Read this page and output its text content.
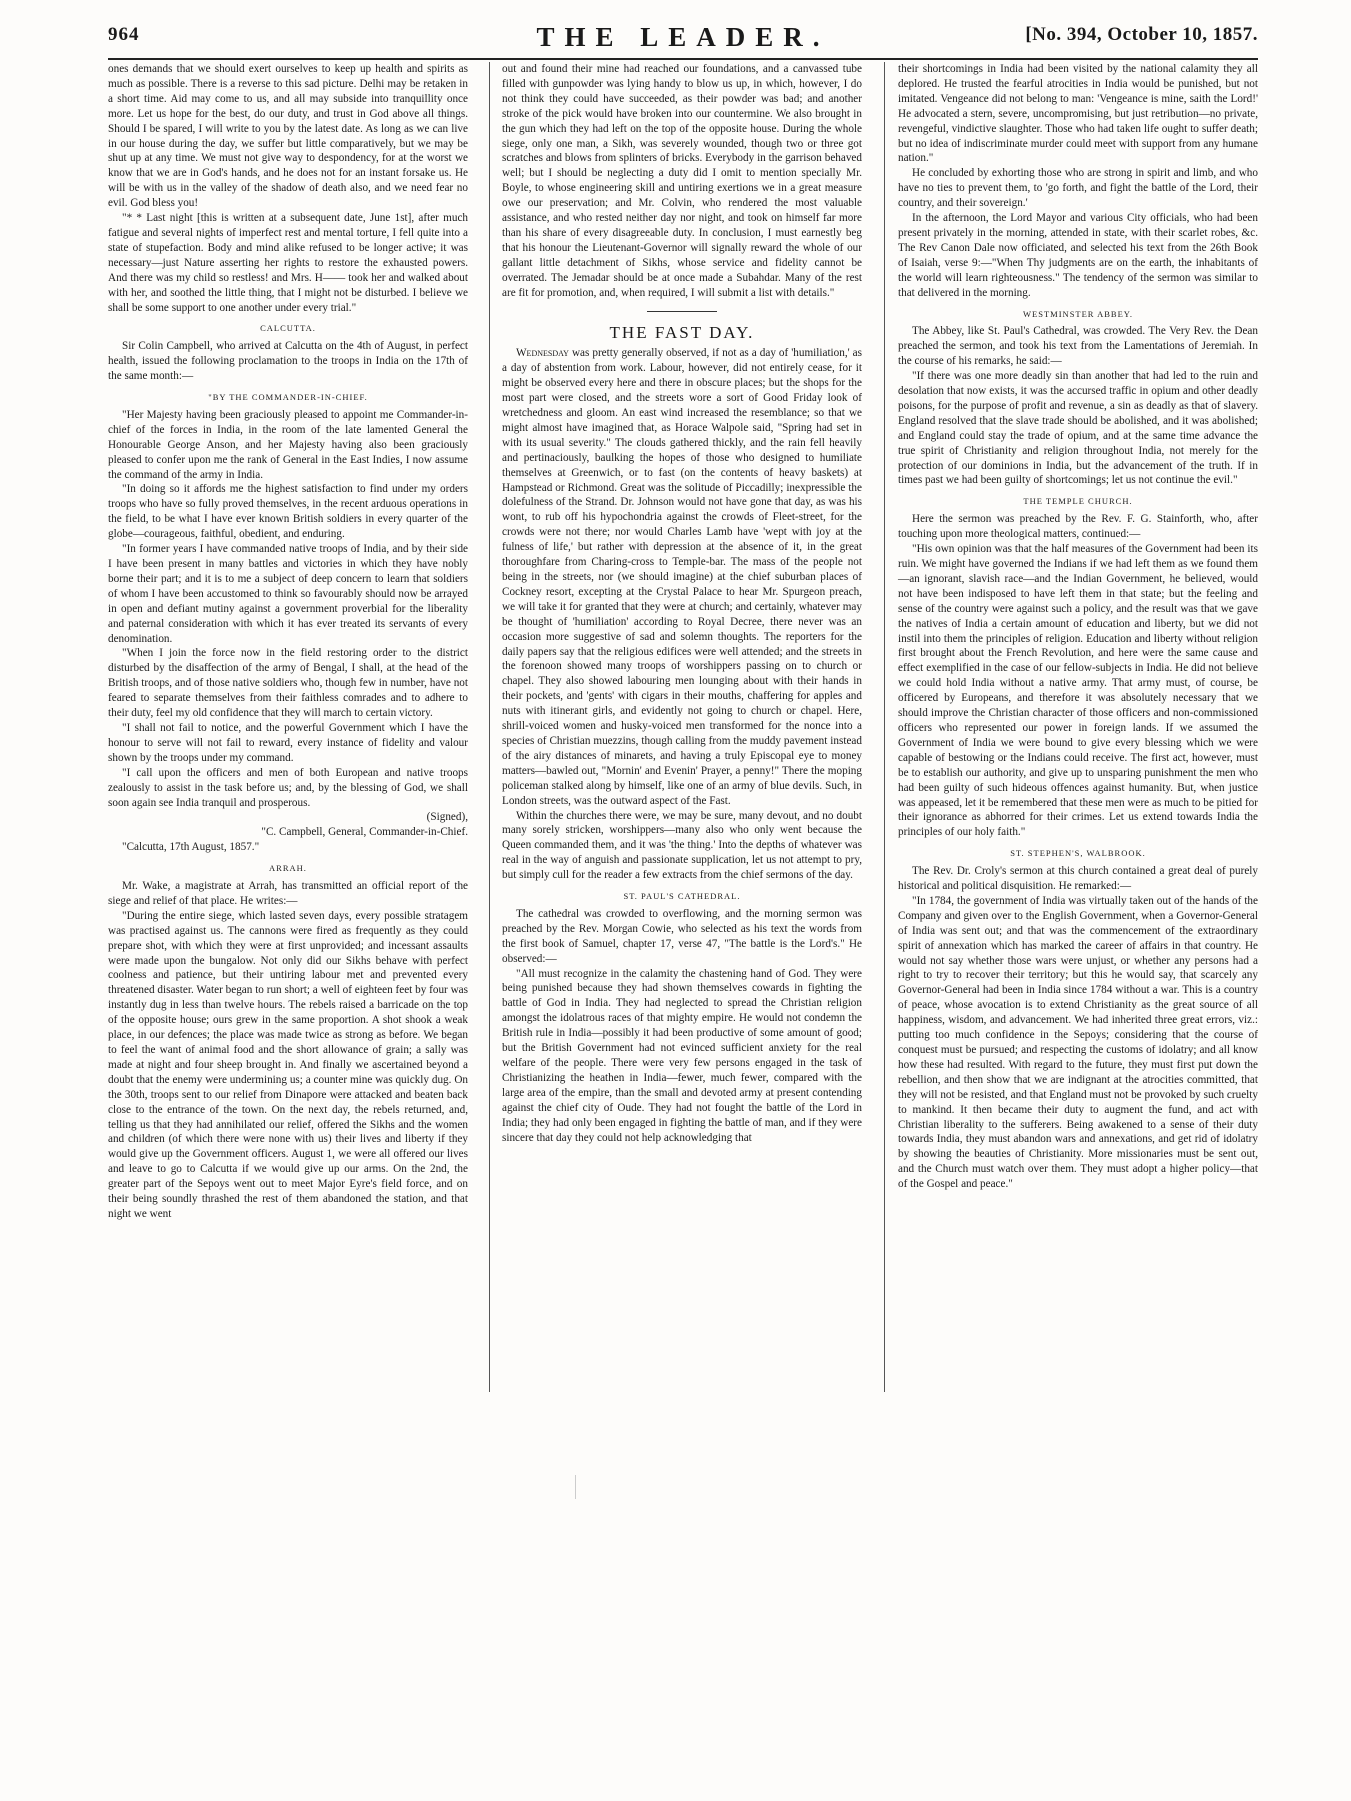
964	THE LEADER.	[No. 394, October 10, 1857.

ones demands that we should exert ourselves to keep up health and spirits as much as possible. There is a reverse to this sad picture. Delhi may be retaken in a short time. Aid may come to us, and all may subside into tranquillity once more. Let us hope for the best, do our duty, and trust in God above all things. Should I be spared, I will write to you by the latest date. As long as we can live in our house during the day, we suffer but little comparatively, but we may be shut up at any time. We must not give way to despondency, for at the worst we know that we are in God's hands, and he does not for an instant forsake us. He will be with us in the valley of the shadow of death also, and we need fear no evil. God bless you!

"* * Last night [this is written at a subsequent date, June 1st], after much fatigue and several nights of imperfect rest and mental torture, I fell quite into a state of stupefaction. Body and mind alike refused to be longer active; it was necessary—just Nature asserting her rights to restore the exhausted powers. And there was my child so restless! and Mrs. H—— took her and walked about with her, and soothed the little thing, that I might not be disturbed. I believe we shall be some support to one another under every trial."

CALCUTTA.

Sir Colin Campbell, who arrived at Calcutta on the 4th of August, in perfect health, issued the following proclamation to the troops in India on the 17th of the same month:—

"BY THE COMMANDER-IN-CHIEF.

"Her Majesty having been graciously pleased to appoint me Commander-in-chief of the forces in India, in the room of the late lamented General the Honourable George Anson, and her Majesty having also been graciously pleased to confer upon me the rank of General in the East Indies, I now assume the command of the army in India.

"In doing so it affords me the highest satisfaction to find under my orders troops who have so fully proved themselves, in the recent arduous operations in the field, to be what I have ever known British soldiers in every quarter of the globe—courageous, faithful, obedient, and enduring.

"In former years I have commanded native troops of India, and by their side I have been present in many battles and victories in which they have nobly borne their part; and it is to me a subject of deep concern to learn that soldiers of whom I have been accustomed to think so favourably should now be arrayed in open and defiant mutiny against a government proverbial for the liberality and paternal consideration with which it has ever treated its servants of every denomination.

"When I join the force now in the field restoring order to the district disturbed by the disaffection of the army of Bengal, I shall, at the head of the British troops, and of those native soldiers who, though few in number, have not feared to separate themselves from their faithless comrades and to adhere to their duty, feel my old confidence that they will march to certain victory.

"I shall not fail to notice, and the powerful Government which I have the honour to serve will not fail to reward, every instance of fidelity and valour shown by the troops under my command.

"I call upon the officers and men of both European and native troops zealously to assist in the task before us; and, by the blessing of God, we shall soon again see India tranquil and prosperous.

(Signed),

"C. Campbell, General, Commander-in-Chief.

"Calcutta, 17th August, 1857."

ARRAH.

Mr. Wake, a magistrate at Arrah, has transmitted an official report of the siege and relief of that place. He writes:—

"During the entire siege, which lasted seven days, every possible stratagem was practised against us. The cannons were fired as frequently as they could prepare shot, with which they were at first unprovided; and incessant assaults were made upon the bungalow. Not only did our Sikhs behave with perfect coolness and patience, but their untiring labour met and prevented every threatened disaster. Water began to run short; a well of eighteen feet by four was instantly dug in less than twelve hours. The rebels raised a barricade on the top of the opposite house; ours grew in the same proportion. A shot shook a weak place, in our defences; the place was made twice as strong as before. We began to feel the want of animal food and the short allowance of grain; a sally was made at night and four sheep brought in. And finally we ascertained beyond a doubt that the enemy were undermining us; a counter mine was quickly dug. On the 30th, troops sent to our relief from Dinapore were attacked and beaten back close to the entrance of the town. On the next day, the rebels returned, and, telling us that they had annihilated our relief, offered the Sikhs and the women and children (of which there were none with us) their lives and liberty if they would give up the Government officers. August 1, we were all offered our lives and leave to go to Calcutta if we would give up our arms. On the 2nd, the greater part of the Sepoys went out to meet Major Eyre's field force, and on their being soundly thrashed the rest of them abandoned the station, and that night we went

out and found their mine had reached our foundations, and a canvassed tube filled with gunpowder was lying handy to blow us up, in which, however, I do not think they could have succeeded, as their powder was bad; and another stroke of the pick would have broken into our countermine. We also brought in the gun which they had left on the top of the opposite house. During the whole siege, only one man, a Sikh, was severely wounded, though two or three got scratches and blows from splinters of bricks. Everybody in the garrison behaved well; but I should be neglecting a duty did I omit to mention specially Mr. Boyle, to whose engineering skill and untiring exertions we in a great measure owe our preservation; and Mr. Colvin, who rendered the most valuable assistance, and who rested neither day nor night, and took on himself far more than his share of every disagreeable duty. In conclusion, I must earnestly beg that his honour the Lieutenant-Governor will signally reward the whole of our gallant little detachment of Sikhs, whose service and fidelity cannot be overrated. The Jemadar should be at once made a Subahdar. Many of the rest are fit for promotion, and, when required, I will submit a list with details."

THE FAST DAY.

Wednesday was pretty generally observed, if not as a day of 'humiliation,' as a day of abstention from work. Labour, however, did not entirely cease, for it might be observed every here and there in obscure places; but the shops for the most part were closed, and the streets wore a sort of Good Friday look of wretchedness and gloom. An east wind increased the resemblance; so that we might almost have imagined that, as Horace Walpole said, "Spring had set in with its usual severity." The clouds gathered thickly, and the rain fell heavily and pertinaciously, baulking the hopes of those who designed to humiliate themselves at Greenwich, or to fast (on the contents of heavy baskets) at Hampstead or Richmond. Great was the solitude of Piccadilly; inexpressible the dolefulness of the Strand. Dr. Johnson would not have gone that day, as was his wont, to rub off his hypochondria against the crowds of Fleet-street, for the crowds were not there; nor would Charles Lamb have 'wept with joy at the fulness of life,' but rather with depression at the absence of it, in the great thoroughfare from Charing-cross to Temple-bar. The mass of the people not being in the streets, nor (we should imagine) at the chief suburban places of Cockney resort, excepting at the Crystal Palace to hear Mr. Spurgeon preach, we will take it for granted that they were at church; and certainly, whatever may be thought of 'humiliation' according to Royal Decree, there never was an occasion more suggestive of sad and solemn thoughts. The reporters for the daily papers say that the religious edifices were well attended; and the streets in the forenoon showed many troops of worshippers passing on to church or chapel. They also showed labouring men lounging about with their hands in their pockets, and 'gents' with cigars in their mouths, chaffering for apples and nuts with itinerant girls, and evidently not going to church or chapel. Here, shrill-voiced women and husky-voiced men transformed for the nonce into a species of Christian muezzins, though calling from the muddy pavement instead of the airy distances of minarets, and having a truly Episcopal eye to money matters—bawled out, "Mornin' and Evenin' Prayer, a penny!" There the moping policeman stalked along by himself, like one of an army of blue devils. Such, in London streets, was the outward aspect of the Fast.

Within the churches there were, we may be sure, many devout, and no doubt many sorely stricken, worshippers—many also who only went because the Queen commanded them, and it was 'the thing.' Into the depths of whatever was real in the way of anguish and passionate supplication, let us not attempt to pry, but simply cull for the reader a few extracts from the chief sermons of the day.

ST. PAUL'S CATHEDRAL.

The cathedral was crowded to overflowing, and the morning sermon was preached by the Rev. Morgan Cowie, who selected as his text the words from the first book of Samuel, chapter 17, verse 47, "The battle is the Lord's." He observed:—

"All must recognize in the calamity the chastening hand of God. They were being punished because they had shown themselves cowards in fighting the battle of God in India. They had neglected to spread the Christian religion amongst the idolatrous races of that mighty empire. He would not condemn the British rule in India—possibly it had been productive of some amount of good; but the British Government had not evinced sufficient anxiety for the real welfare of the people. There were very few persons engaged in the task of Christianizing the heathen in India—fewer, much fewer, compared with the large area of the empire, than the small and devoted army at present contending against the chief city of Oude. They had not fought the battle of the Lord in India; they had only been engaged in fighting the battle of man, and if they were sincere that day they could not help acknowledging that

their shortcomings in India had been visited by the national calamity they all deplored. He trusted the fearful atrocities in India would be punished, but not imitated. Vengeance did not belong to man: 'Vengeance is mine, saith the Lord!' He advocated a stern, severe, uncompromising, but just retribution—no private, revengeful, vindictive slaughter. Those who had taken life ought to suffer death; but no idea of indiscriminate murder could meet with support from any humane nation."

He concluded by exhorting those who are strong in spirit and limb, and who have no ties to prevent them, to 'go forth, and fight the battle of the Lord, their country, and their sovereign.'

In the afternoon, the Lord Mayor and various City officials, who had been present privately in the morning, attended in state, with their scarlet robes, &c. The Rev Canon Dale now officiated, and selected his text from the 26th Book of Isaiah, verse 9:—"When Thy judgments are on the earth, the inhabitants of the world will learn righteousness." The tendency of the sermon was similar to that delivered in the morning.

WESTMINSTER ABBEY.

The Abbey, like St. Paul's Cathedral, was crowded. The Very Rev. the Dean preached the sermon, and took his text from the Lamentations of Jeremiah. In the course of his remarks, he said:—

"If there was one more deadly sin than another that had led to the ruin and desolation that now exists, it was the accursed traffic in opium and other deadly poisons, for the purpose of profit and revenue, a sin as deadly as that of slavery. England resolved that the slave trade should be abolished, and it was abolished; and England could stay the trade of opium, and at the same time advance the true spirit of Christianity and religion throughout India, not merely for the protection of our dominions in India, but the advancement of the truth. If in times past we had been guilty of shortcomings; let us not continue the evil."

THE TEMPLE CHURCH.

Here the sermon was preached by the Rev. F. G. Stainforth, who, after touching upon more theological matters, continued:—

"His own opinion was that the half measures of the Government had been its ruin. We might have governed the Indians if we had left them as we found them—an ignorant, slavish race—and the Indian Government, he believed, would not have been indisposed to have left them in that state; but the feeling and sense of the country were against such a policy, and the result was that we gave the natives of India a certain amount of education and liberty, but we did not instil into them the principles of religion. Education and liberty without religion first brought about the French Revolution, and here were the same cause and effect exemplified in the case of our fellow-subjects in India. He did not believe we could hold India without a native army. That army must, of course, be officered by Europeans, and therefore it was absolutely necessary that we should improve the Christian character of those officers and non-commissioned officers who represented our power in foreign lands. If we assumed the Government of India we were bound to give every blessing which we were capable of bestowing or the Indians could receive. The first act, however, must be to establish our authority, and give up to unsparing punishment the men who had been guilty of such hideous offences against humanity. But, when justice was appeased, let it be remembered that these men were as much to be pitied for their ignorance as abhorred for their crimes. Let us extend towards India the principles of our holy faith."

ST. STEPHEN'S, WALBROOK.

The Rev. Dr. Croly's sermon at this church contained a great deal of purely historical and political disquisition. He remarked:—

"In 1784, the government of India was virtually taken out of the hands of the Company and given over to the English Government, when a Governor-General of India was sent out; and that was the commencement of the extraordinary spirit of annexation which has marked the career of affairs in that country. He would not say whether those wars were unjust, or whether any persons had a right to try to recover their territory; but this he would say, that scarcely any Governor-General had been in India since 1784 without a war. This is a country of peace, whose avocation is to extend Christianity as the great source of all happiness, wisdom, and advancement. We had inherited three great errors, viz.: putting too much confidence in the Sepoys; considering that the course of conquest must be pursued; and respecting the customs of idolatry; and all know how these had resulted. With regard to the future, they must first put down the rebellion, and then show that we are indignant at the atrocities committed, that they will not be resisted, and that England must not be provoked by such cruelty to mankind. It then became their duty to augment the fund, and act with Christian liberality to the sufferers. Being awakened to a sense of their duty towards India, they must abandon wars and annexations, and get rid of idolatry by showing the beauties of Christianity. More missionaries must be sent out, and the Church must watch over them. They must adopt a higher policy—that of the Gospel and peace."
